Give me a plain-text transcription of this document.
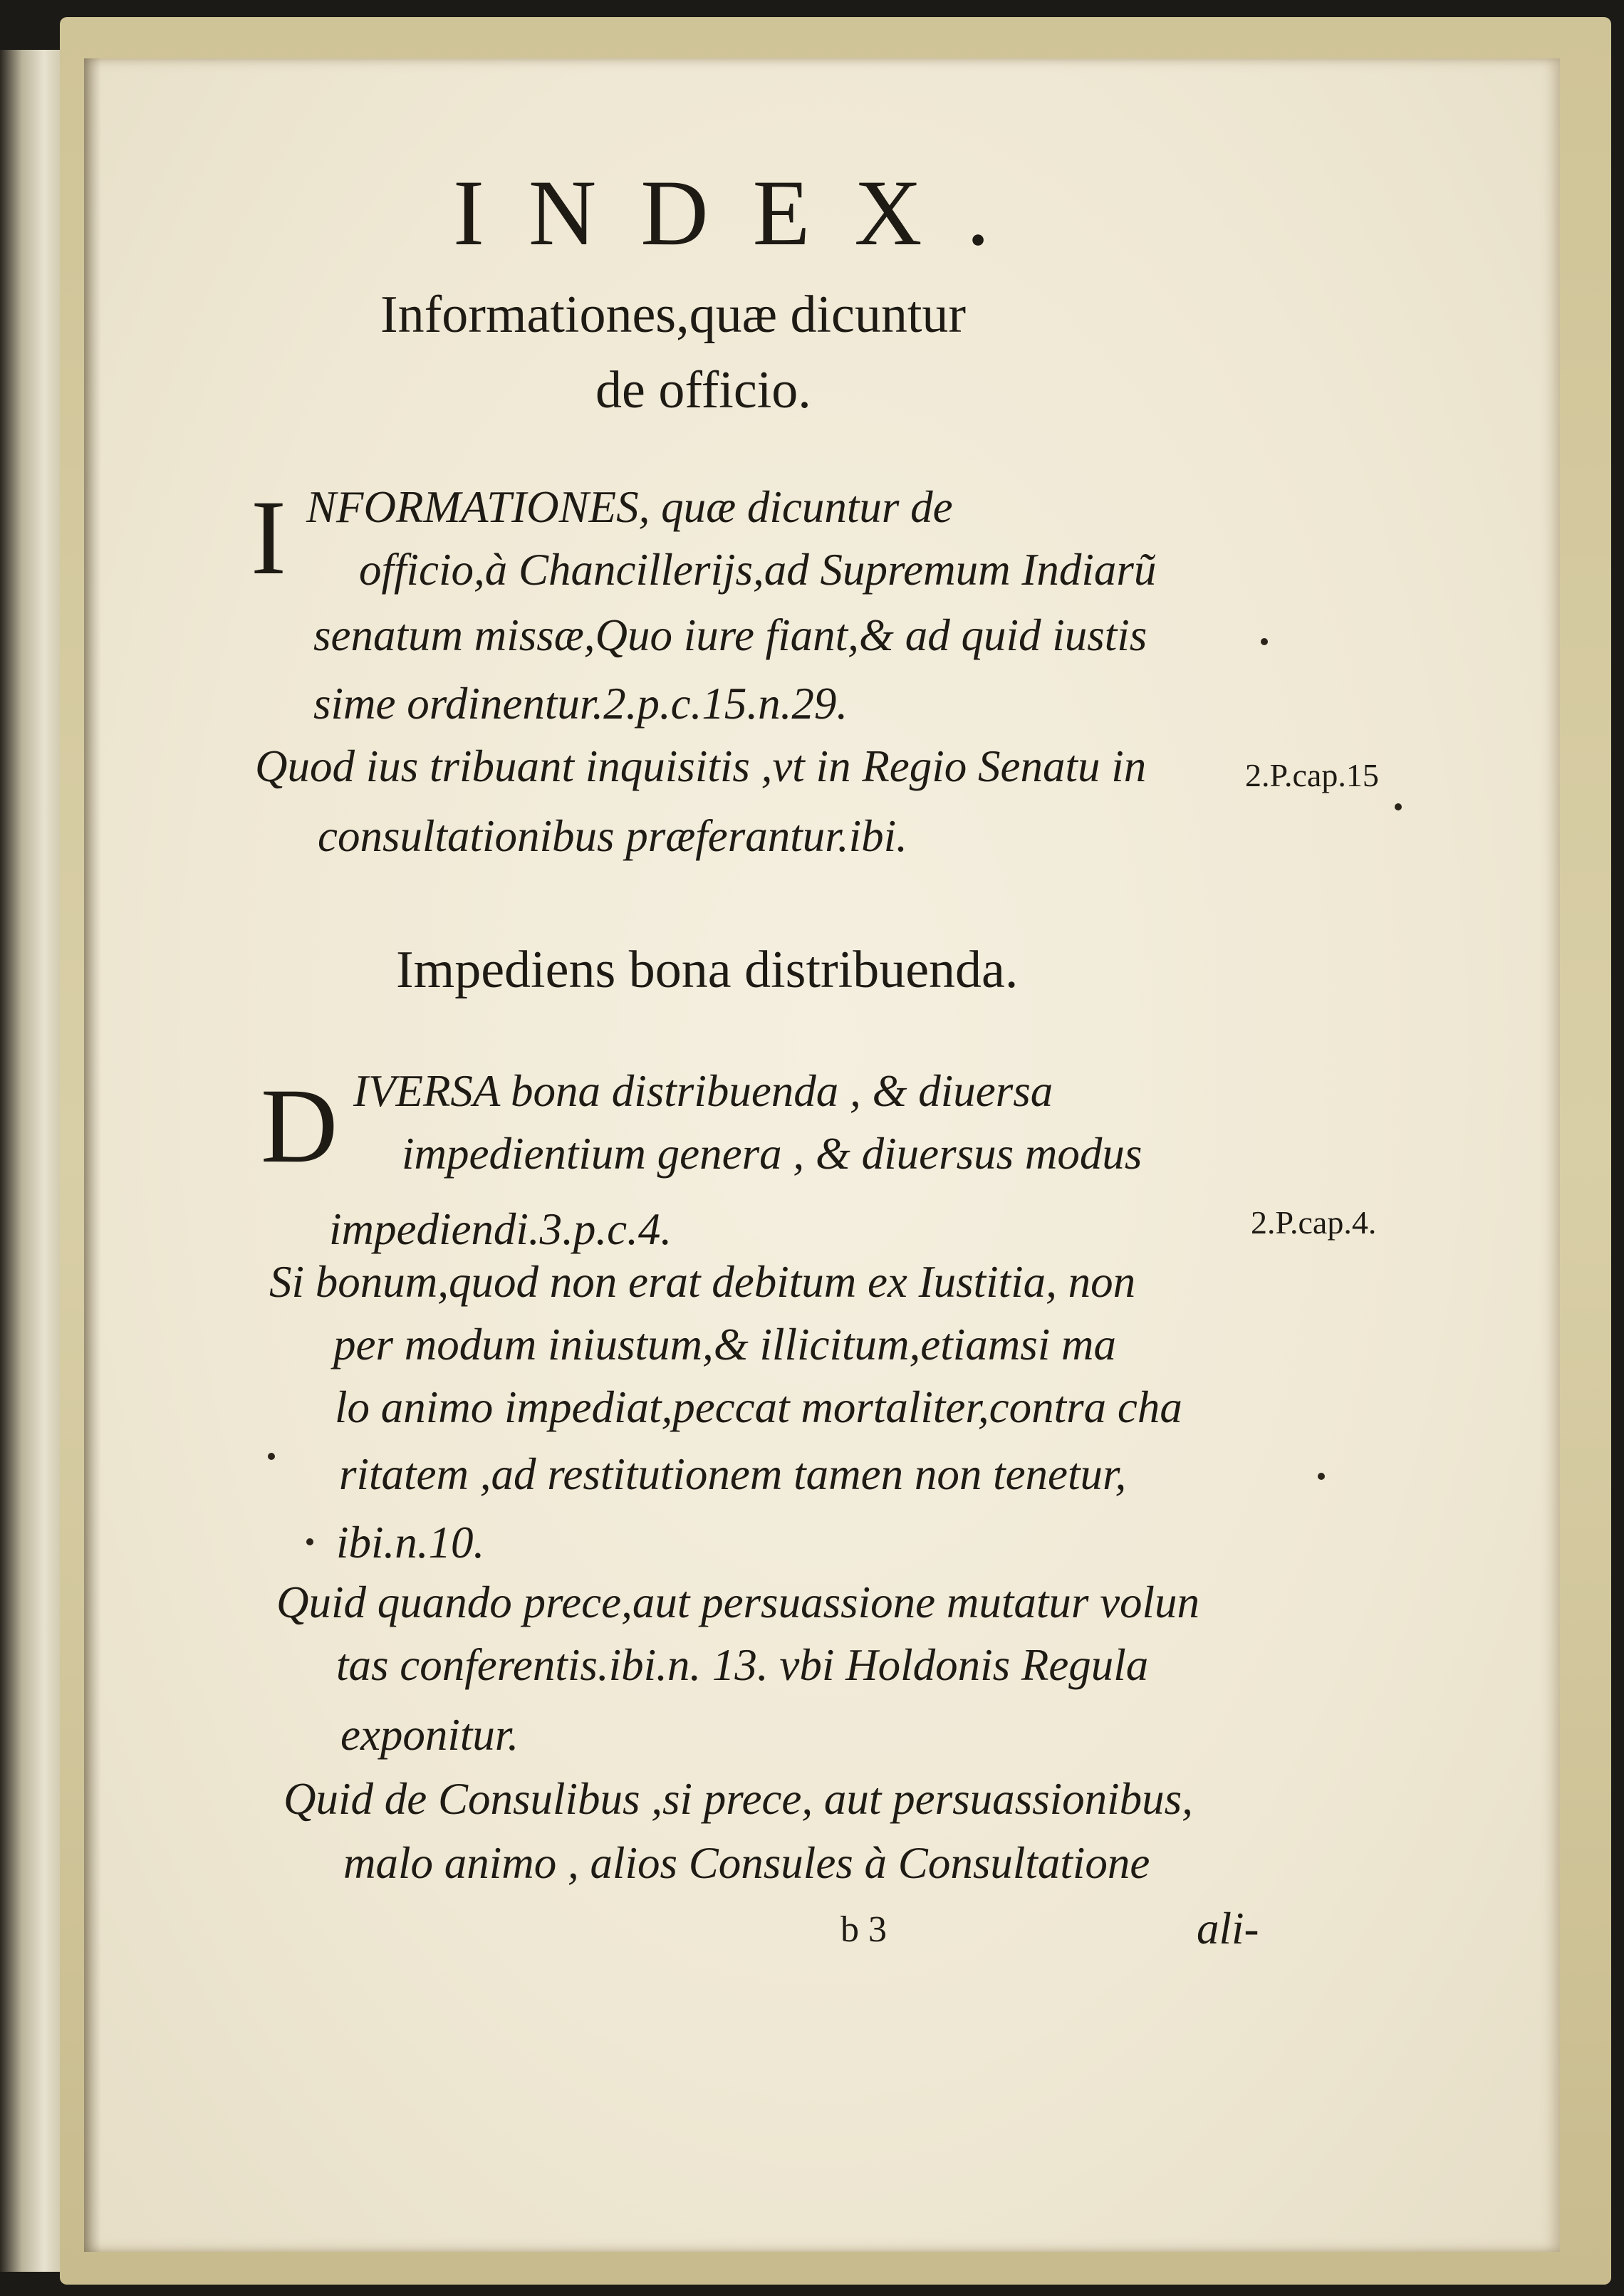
INDEX.
Informationes,quæ dicuntur
de officio.
I NFORMATIONES, quæ dicuntur de
officio,à Chancillerijs,ad Supremum Indiarũ
senatum missæ,Quo iure fiant,& ad quid iustis
sime ordinentur.2.p.c.15.n.29.
Quod ius tribuant inquisitis ,vt in Regio Senatu in
consultationibus præferantur.ibi.
2.P.cap.15
Impediens bona distribuenda.
D IVERSA bona distribuenda , & diuersa
impedientium genera , & diuersus modus
impediendi.3.p.c.4.	2.P.cap.4.
Si bonum,quod non erat debitum ex Iustitia, non
per modum iniustum,& illicitum,etiamsi ma
lo animo impediat,peccat mortaliter,contra cha
ritatem ,ad restitutionem tamen non tenetur,
ibi.n.10.
Quid quando prece,aut persuassione mutatur volun
tas conferentis.ibi.n. 13. vbi Holdonis Regula
exponitur.
Quid de Consulibus ,si prece, aut persuassionibus,
malo animo , alios Consules à Consultatione
b 3	ali-
